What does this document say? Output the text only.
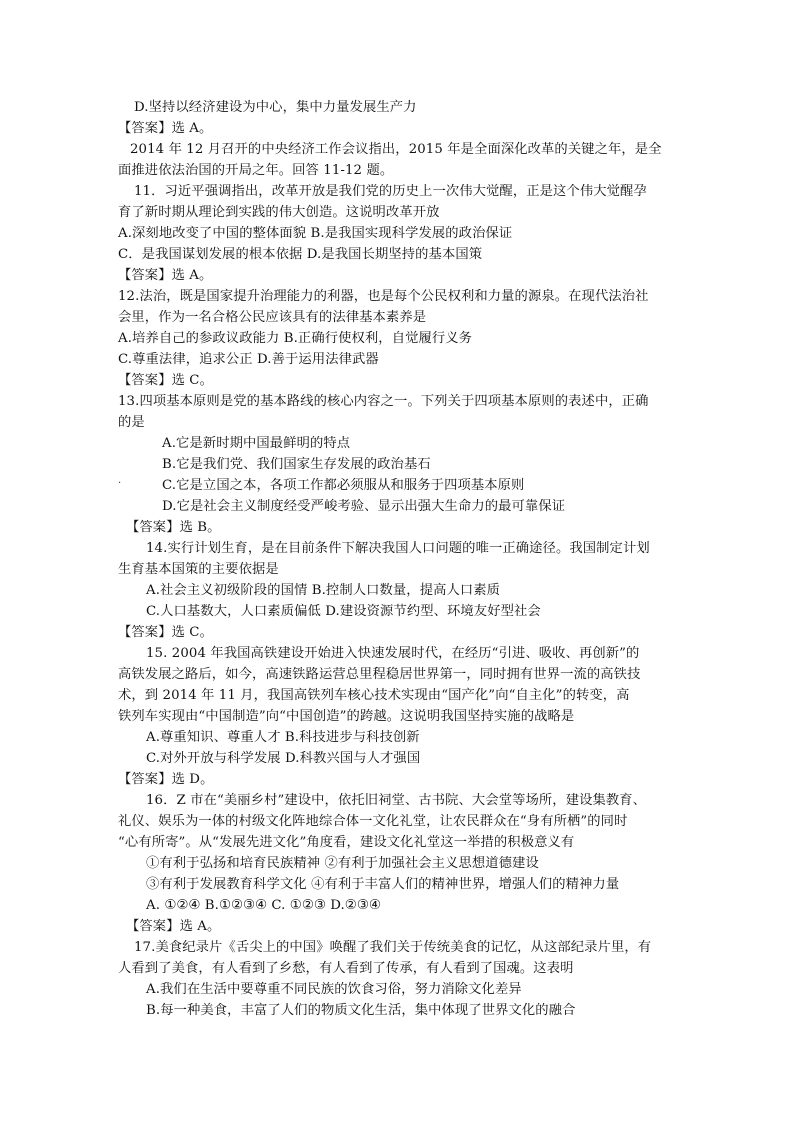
D.坚持以经济建设为中心，集中力量发展生产力
【答案】选 A。
2014 年 12 月召开的中央经济工作会议指出，2015 年是全面深化改革的关键之年，是全
面推进依法治国的开局之年。回答 11-12 题。
11．习近平强调指出，改革开放是我们党的历史上一次伟大觉醒，正是这个伟大觉醒孕
育了新时期从理论到实践的伟大创造。这说明改革开放
A.深刻地改变了中国的整体面貌 B.是我国实现科学发展的政治保证
C．是我国谋划发展的根本依据 D.是我国长期坚持的基本国策
【答案】选 A。
12.法治，既是国家提升治理能力的利器，也是每个公民权利和力量的源泉。在现代法治社
会里，作为一名合格公民应该具有的法律基本素养是
A.培养自己的参政议政能力 B.正确行使权利，自觉履行义务
C.尊重法律，追求公正 D.善于运用法律武器
【答案】选 C。
13.四项基本原则是党的基本路线的核心内容之一。下列关于四项基本原则的表述中，正确
的是
A.它是新时期中国最鲜明的特点
B.它是我们党、我们国家生存发展的政治基石
.	C.它是立国之本，各项工作都必须服从和服务于四项基本原则
D.它是社会主义制度经受严峻考验、显示出强大生命力的最可靠保证
【答案】选 B。
14.实行计划生育，是在目前条件下解决我国人口问题的唯一正确途径。我国制定计划
生育基本国策的主要依据是
A.社会主义初级阶段的国情 B.控制人口数量，提高人口素质
C.人口基数大，人口素质偏低 D.建设资源节约型、环境友好型社会
【答案】选 C。
15. 2004 年我国高铁建设开始进入快速发展时代，在经历“引进、吸收、再创新”的
高铁发展之路后，如今，高速铁路运营总里程稳居世界第一，同时拥有世界一流的高铁技
术，到 2014 年 11 月，我国高铁列车核心技术实现由“国产化”向“自主化”的转变，高
铁列车实现由“中国制造”向“中国创造”的跨越。这说明我国坚持实施的战略是
A.尊重知识、尊重人才 B.科技进步与科技创新
C.对外开放与科学发展 D.科教兴国与人才强国
【答案】选 D。
16．Z 市在“美丽乡村”建设中，依托旧祠堂、古书院、大会堂等场所，建设集教育、
礼仪、娱乐为一体的村级文化阵地综合体一文化礼堂，让农民群众在“身有所栖”的同时
“心有所寄”。从“发展先进文化”角度看，建设文化礼堂这一举措的积极意义有
①有利于弘扬和培育民族精神 ②有利于加强社会主义思想道德建设
③有利于发展教育科学文化 ④有利于丰富人们的精神世界，增强人们的精神力量
A. ①②④ B.①②③④ C. ①②③ D.②③④
【答案】选 A。
17.美食纪录片《舌尖上的中国》唤醒了我们关于传统美食的记忆，从这部纪录片里，有
人看到了美食，有人看到了乡愁，有人看到了传承，有人看到了国魂。这表明
A.我们在生活中要尊重不同民族的饮食习俗，努力消除文化差异
B.每一种美食，丰富了人们的物质文化生活，集中体现了世界文化的融合
